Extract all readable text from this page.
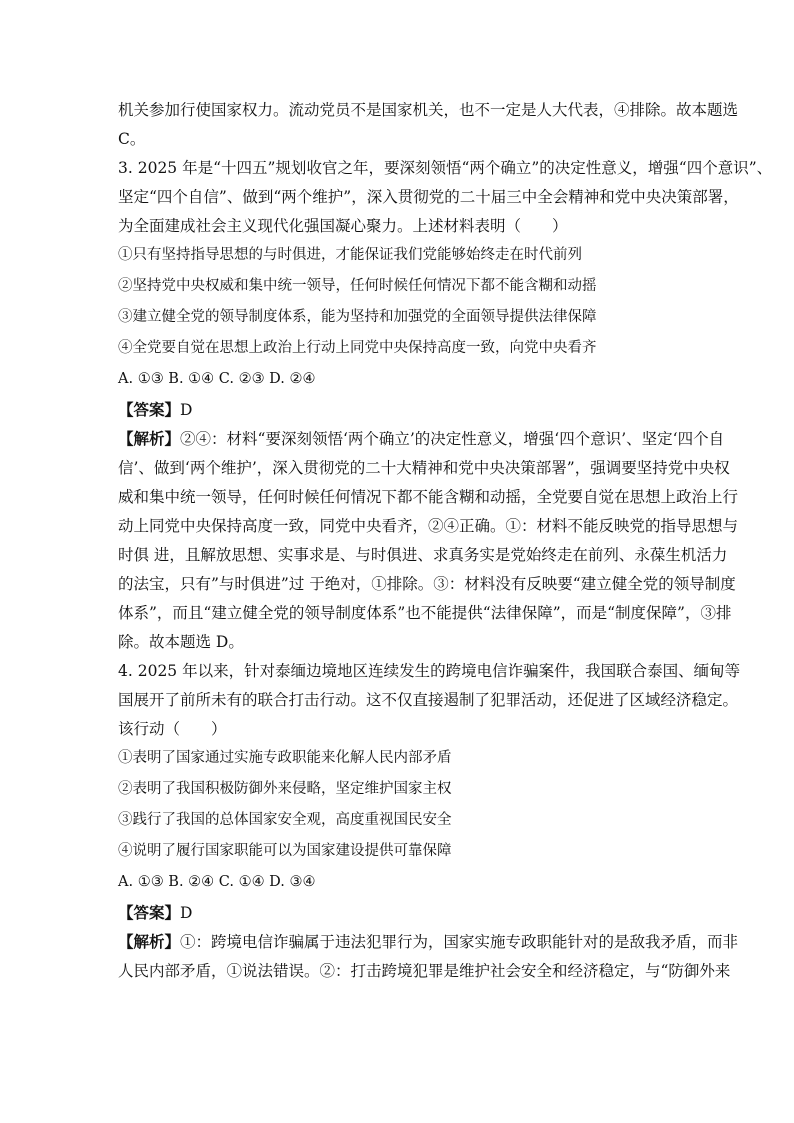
机关参加行使国家权力。流动党员不是国家机关，也不一定是人大代表，④排除。故本题选
C。
3. 2025 年是“十四五”规划收官之年，要深刻领悟“两个确立”的决定性意义，增强“四个意识”、
坚定“四个自信”、做到“两个维护”，深入贯彻党的二十届三中全会精神和党中央决策部署，
为全面建成社会主义现代化强国凝心聚力。上述材料表明（　　）
①只有坚持指导思想的与时俱进，才能保证我们党能够始终走在时代前列
②坚持党中央权威和集中统一领导，任何时候任何情况下都不能含糊和动摇
③建立健全党的领导制度体系，能为坚持和加强党的全面领导提供法律保障
④全党要自觉在思想上政治上行动上同党中央保持高度一致，向党中央看齐
A. ①③ B. ①④ C. ②③ D. ②④
【答案】D
【解析】②④：材料“要深刻领悟‘两个确立’的决定性意义，增强‘四个意识’、坚定‘四个自
信’、做到‘两个维护’，深入贯彻党的二十大精神和党中央决策部署”，强调要坚持党中央权
威和集中统一领导，任何时候任何情况下都不能含糊和动摇，全党要自觉在思想上政治上行
动上同党中央保持高度一致，同党中央看齐，②④正确。①：材料不能反映党的指导思想与
时俱 进，且解放思想、实事求是、与时俱进、求真务实是党始终走在前列、永葆生机活力
的法宝，只有”与时俱进”过 于绝对，①排除。③：材料没有反映要“建立健全党的领导制度
体系”，而且“建立健全党的领导制度体系”也不能提供“法律保障”，而是“制度保障”，③排
除。故本题选 D。
4. 2025 年以来，针对泰缅边境地区连续发生的跨境电信诈骗案件，我国联合泰国、缅甸等
国展开了前所未有的联合打击行动。这不仅直接遏制了犯罪活动，还促进了区域经济稳定。
该行动（　　）
①表明了国家通过实施专政职能来化解人民内部矛盾
②表明了我国积极防御外来侵略，坚定维护国家主权
③践行了我国的总体国家安全观，高度重视国民安全
④说明了履行国家职能可以为国家建设提供可靠保障
A. ①③ B. ②④ C. ①④ D. ③④
【答案】D
【解析】①：跨境电信诈骗属于违法犯罪行为，国家实施专政职能针对的是敌我矛盾，而非
人民内部矛盾，①说法错误。②：打击跨境犯罪是维护社会安全和经济稳定，与“防御外来
